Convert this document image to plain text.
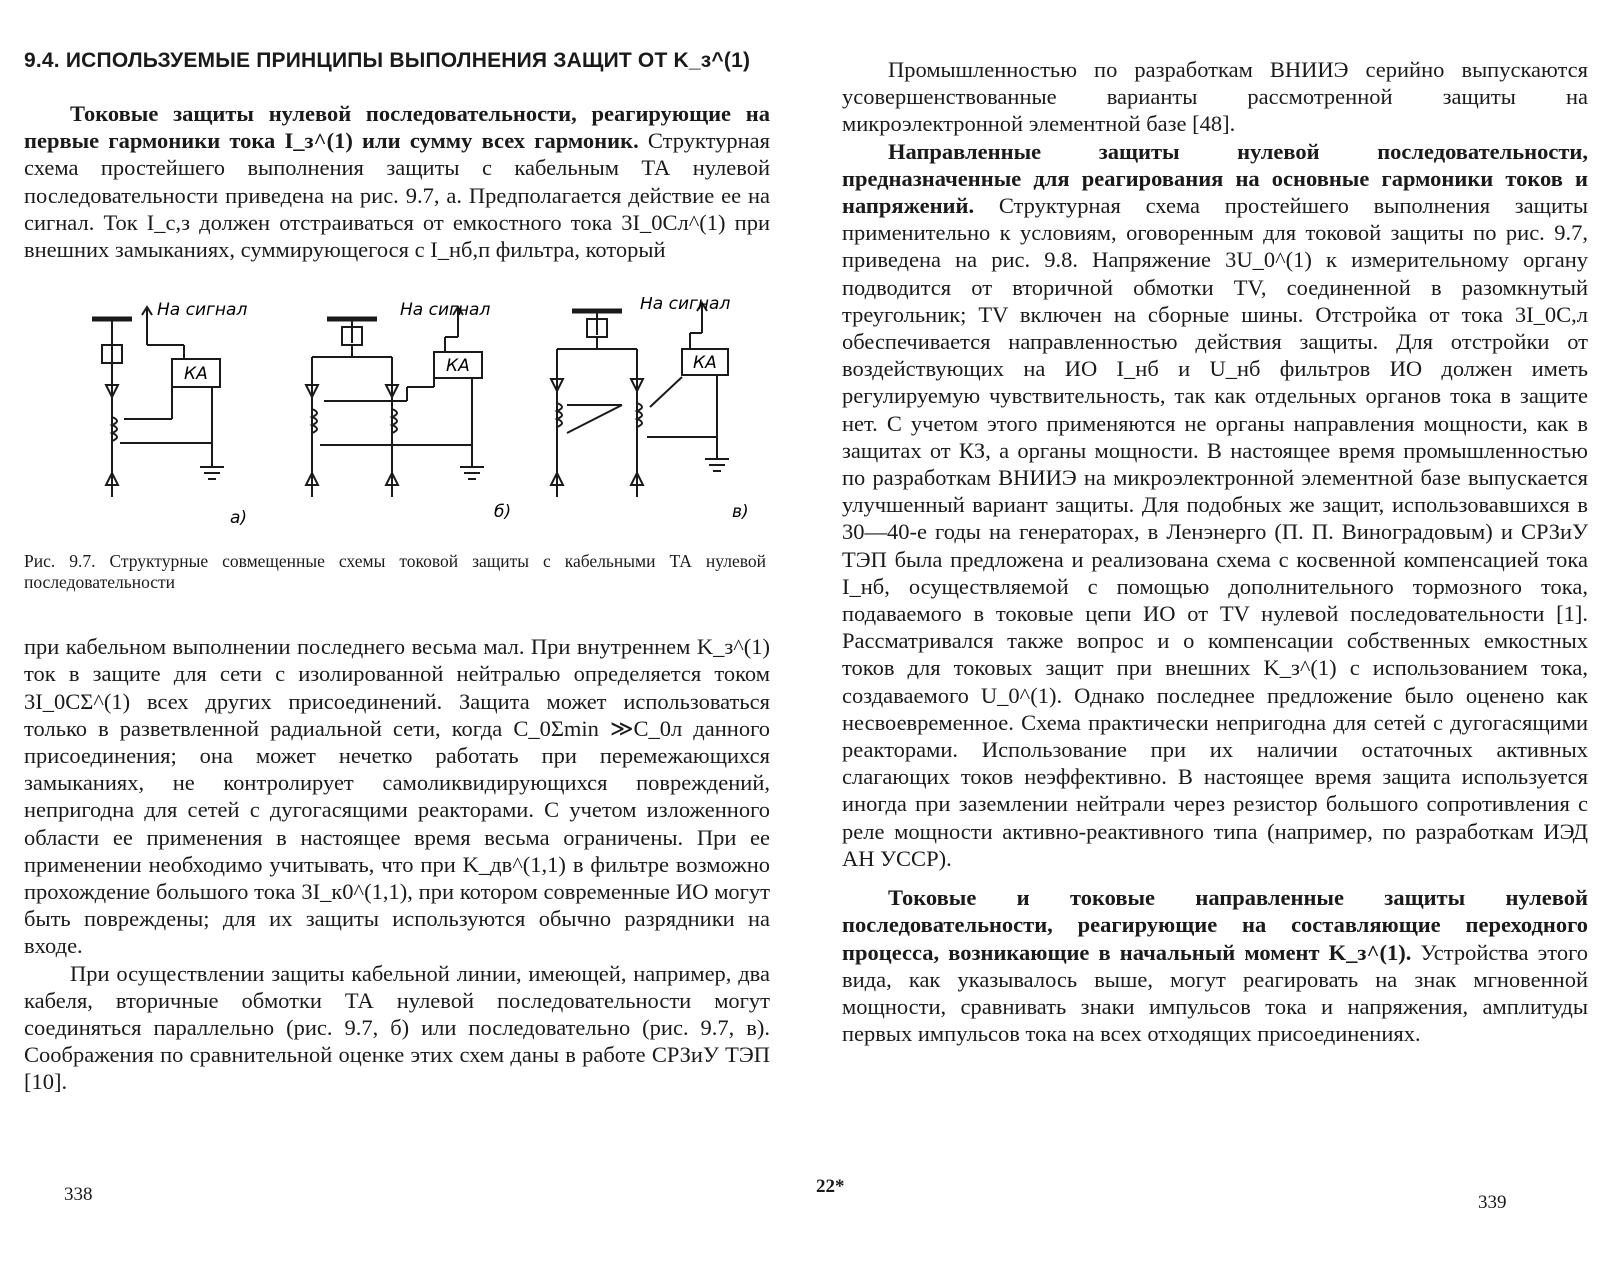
9.4. ИСПОЛЬЗУЕМЫЕ ПРИНЦИПЫ ВЫПОЛНЕНИЯ ЗАЩИТ ОТ K_з^(1)

Токовые защиты нулевой последовательности, реагирующие на первые гармоники тока I_з^(1) или сумму всех гармоник. Структурная схема простейшего выполнения защиты с кабельным ТА нулевой последовательности приведена на рис. 9.7, а. Предполагается действие ее на сигнал. Ток I_с,з должен отстраиваться от емкостного тока 3I_0Сл^(1) при внешних замыканиях, суммирующегося с I_нб,п фильтра, который

На сигнал	На сигнал	На сигнал
КА	КА	КА
а)	б)	в)
Рис. 9.7. Структурные совмещенные схемы токовой защиты с кабельными ТА нулевой последовательности

при кабельном выполнении последнего весьма мал. При внутреннем K_з^(1) ток в защите для сети с изолированной нейтралью определяется током 3I_0СΣ^(1) всех других присоединений. Защита может использоваться только в разветвленной радиальной сети, когда C_0Σmin ≫C_0л данного присоединения; она может нечетко работать при перемежающихся замыканиях, не контролирует самоликвидирующихся повреждений, непригодна для сетей с дугогасящими реакторами. С учетом изложенного области ее применения в настоящее время весьма ограничены. При ее применении необходимо учитывать, что при K_дв^(1,1) в фильтре возможно прохождение большого тока 3I_к0^(1,1), при котором современные ИО могут быть повреждены; для их защиты используются обычно разрядники на входе.

При осуществлении защиты кабельной линии, имеющей, например, два кабеля, вторичные обмотки ТА нулевой последовательности могут соединяться параллельно (рис. 9.7, б) или последовательно (рис. 9.7, в). Соображения по сравнительной оценке этих схем даны в работе СРЗиУ ТЭП [10].

338	22*

Промышленностью по разработкам ВНИИЭ серийно выпускаются усовершенствованные варианты рассмотренной защиты на микроэлектронной элементной базе [48].

Направленные защиты нулевой последовательности, предназначенные для реагирования на основные гармоники токов и напряжений. Структурная схема простейшего выполнения защиты применительно к условиям, оговоренным для токовой защиты по рис. 9.7, приведена на рис. 9.8. Напряжение 3U_0^(1) к измерительному органу подводится от вторичной обмотки TV, соединенной в разомкнутый треугольник; TV включен на сборные шины. Отстройка от тока 3I_0С,л обеспечивается направленностью действия защиты. Для отстройки от воздействующих на ИО I_нб и U_нб фильтров ИО должен иметь регулируемую чувствительность, так как отдельных органов тока в защите нет. С учетом этого применяются не органы направления мощности, как в защитах от КЗ, а органы мощности. В настоящее время промышленностью по разработкам ВНИИЭ на микроэлектронной элементной базе выпускается улучшенный вариант защиты. Для подобных же защит, использовавшихся в 30—40-е годы на генераторах, в Ленэнерго (П. П. Виноградовым) и СРЗиУ ТЭП была предложена и реализована схема с косвенной компенсацией тока I_нб, осуществляемой с помощью дополнительного тормозного тока, подаваемого в токовые цепи ИО от TV нулевой последовательности [1]. Рассматривался также вопрос и о компенсации собственных емкостных токов для токовых защит при внешних K_з^(1) с использованием тока, создаваемого U_0^(1). Однако последнее предложение было оценено как несвоевременное. Схема практически непригодна для сетей с дугогасящими реакторами. Использование при их наличии остаточных активных слагающих токов неэффективно. В настоящее время защита используется иногда при заземлении нейтрали через резистор большого сопротивления с реле мощности активно-реактивного типа (например, по разработкам ИЭД АН УССР).

Токовые и токовые направленные защиты нулевой последовательности, реагирующие на составляющие переходного процесса, возникающие в начальный момент K_з^(1). Устройства этого вида, как указывалось выше, могут реагировать на знак мгновенной мощности, сравнивать знаки импульсов тока и напряжения, амплитуды первых импульсов тока на всех отходящих присоединениях.

339
